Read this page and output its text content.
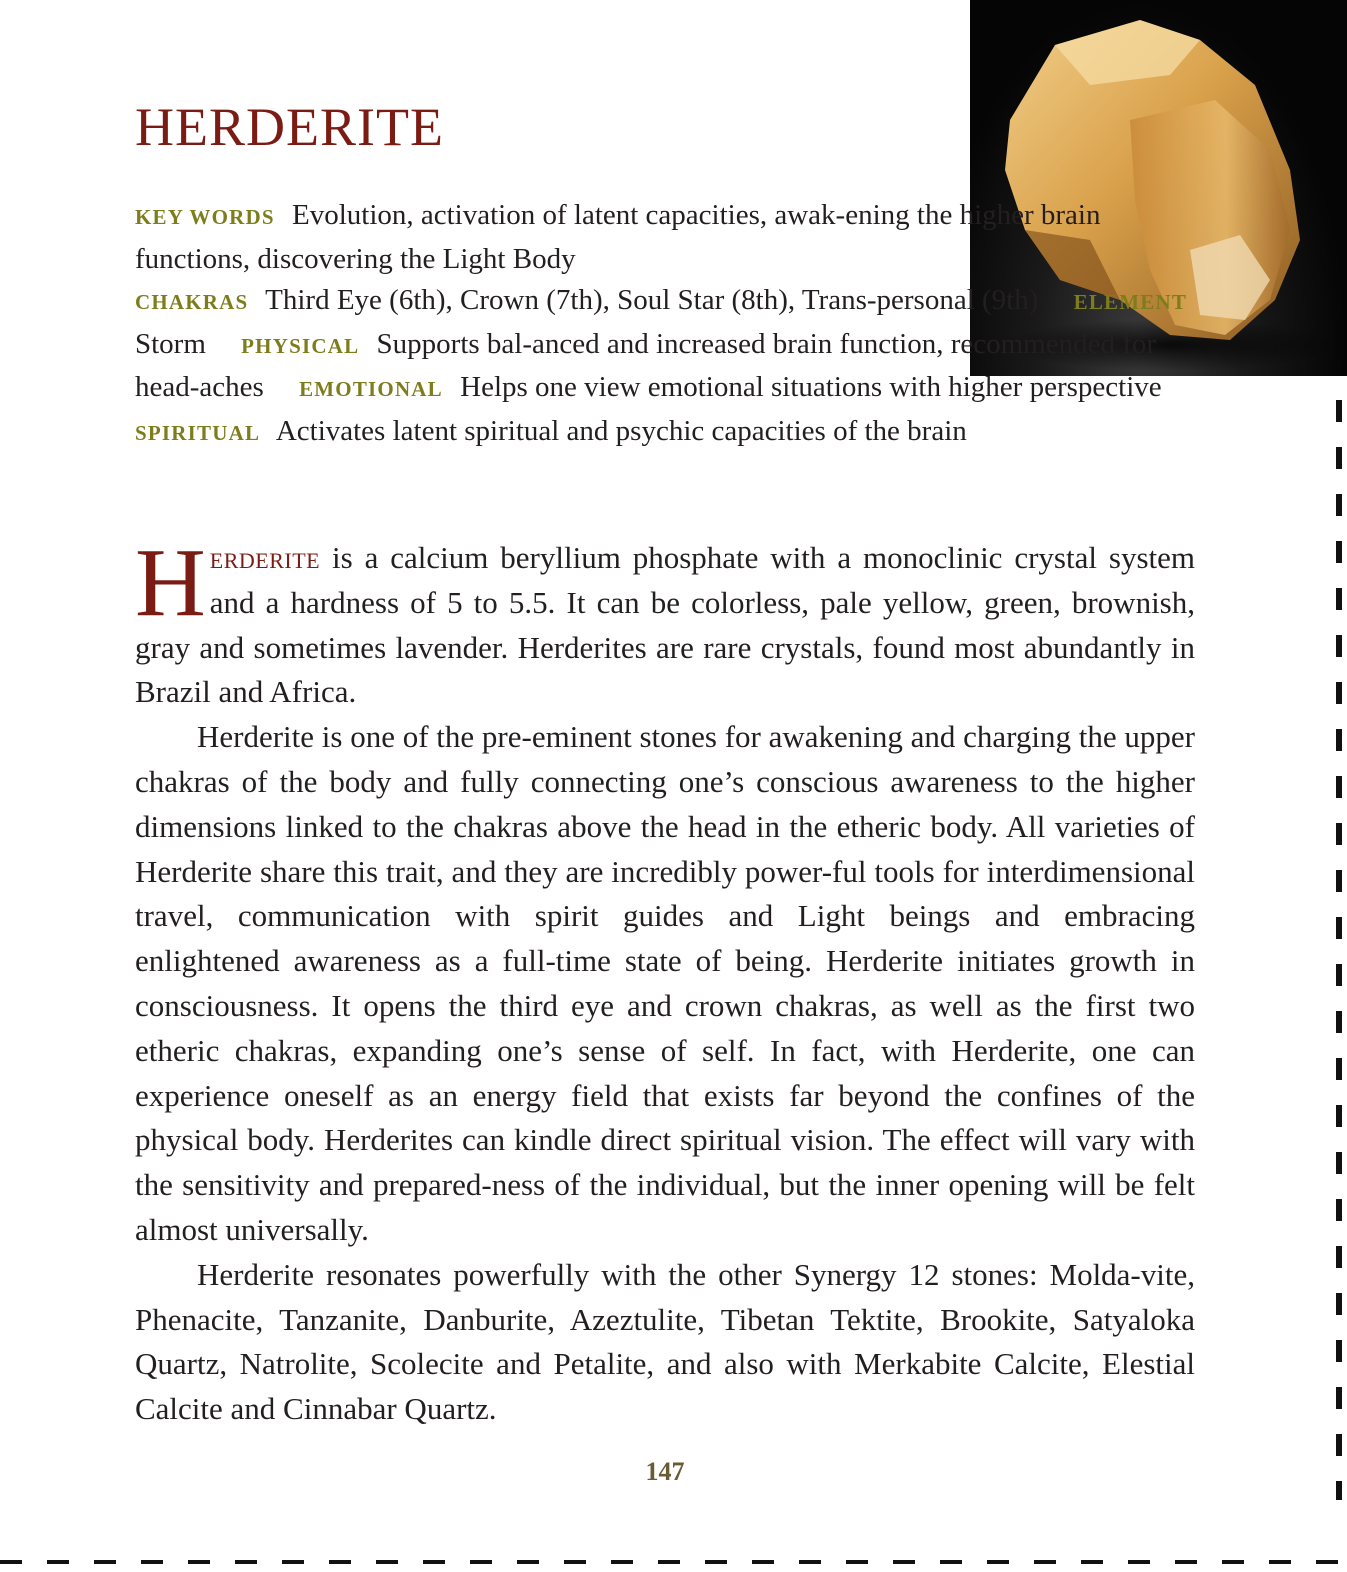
HERDERITE
KEY WORDS Evolution, activation of latent capacities, awak-ening the higher brain functions, discovering the Light Body
CHAKRAS Third Eye (6th), Crown (7th), Soul Star (8th), Trans-personal (9th) ELEMENT Storm PHYSICAL Supports bal-anced and increased brain function, recommended for head-aches EMOTIONAL Helps one view emotional situations with higher perspective
SPIRITUAL Activates latent spiritual and psychic capacities of the brain

Herderite is a calcium beryllium phosphate with a monoclinic crystal system and a hardness of 5 to 5.5. It can be colorless, pale yellow, green, brownish, gray and sometimes lavender. Herderites are rare crystals, found most abundantly in Brazil and Africa.

Herderite is one of the pre-eminent stones for awakening and charging the upper chakras of the body and fully connecting one’s conscious awareness to the higher dimensions linked to the chakras above the head in the etheric body. All varieties of Herderite share this trait, and they are incredibly power-ful tools for interdimensional travel, communication with spirit guides and Light beings and embracing enlightened awareness as a full-time state of being. Herderite initiates growth in consciousness. It opens the third eye and crown chakras, as well as the first two etheric chakras, expanding one’s sense of self. In fact, with Herderite, one can experience oneself as an energy field that exists far beyond the confines of the physical body. Herderites can kindle direct spiritual vision. The effect will vary with the sensitivity and prepared-ness of the individual, but the inner opening will be felt almost universally.

Herderite resonates powerfully with the other Synergy 12 stones: Molda-vite, Phenacite, Tanzanite, Danburite, Azeztulite, Tibetan Tektite, Brookite, Satyaloka Quartz, Natrolite, Scolecite and Petalite, and also with Merkabite Calcite, Elestial Calcite and Cinnabar Quartz.

147
